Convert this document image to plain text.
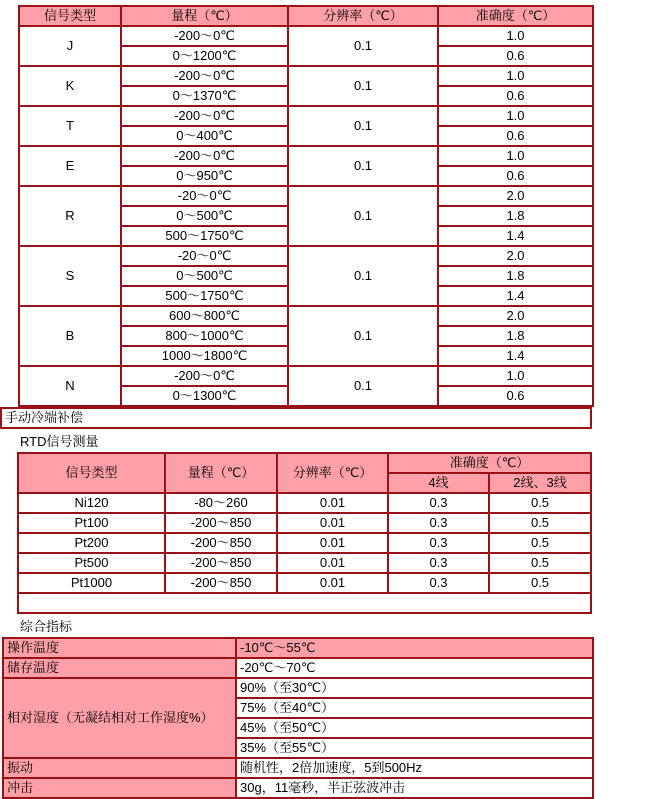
信号类型	量程（℃）	分辨率（℃）	准确度（℃）
J	-200～0℃	0.1	1.0
	0～1200℃		0.6
K	-200～0℃	0.1	1.0
	0～1370℃		0.6
T	-200～0℃	0.1	1.0
	0～400℃		0.6
E	-200～0℃	0.1	1.0
	0～950℃		0.6
R	-20～0℃	0.1	2.0
	0～500℃		1.8
	500～1750℃		1.4
S	-20～0℃	0.1	2.0
	0～500℃		1.8
	500～1750℃		1.4
B	600～800℃	0.1	2.0
	800～1000℃		1.8
	1000～1800℃		1.4
N	-200～0℃	0.1	1.0
	0～1300℃		0.6
手动冷端补偿
RTD信号测量
信号类型	量程（℃）	分辨率（℃）	准确度（℃）	
			4线	2线、3线
Ni120	-80～260	0.01	0.3	0.5
Pt100	-200～850	0.01	0.3	0.5
Pt200	-200～850	0.01	0.3	0.5
Pt500	-200～850	0.01	0.3	0.5
Pt1000	-200～850	0.01	0.3	0.5

综合指标
操作温度	-10℃～55℃
储存温度	-20℃～70℃
相对湿度（无凝结相对工作湿度%）	90%（至30℃）
	75%（至40℃）
	45%（至50℃）
	35%（至55℃）
振动	随机性，2倍加速度，5到500Hz
冲击	30g，11毫秒，半正弦波冲击
